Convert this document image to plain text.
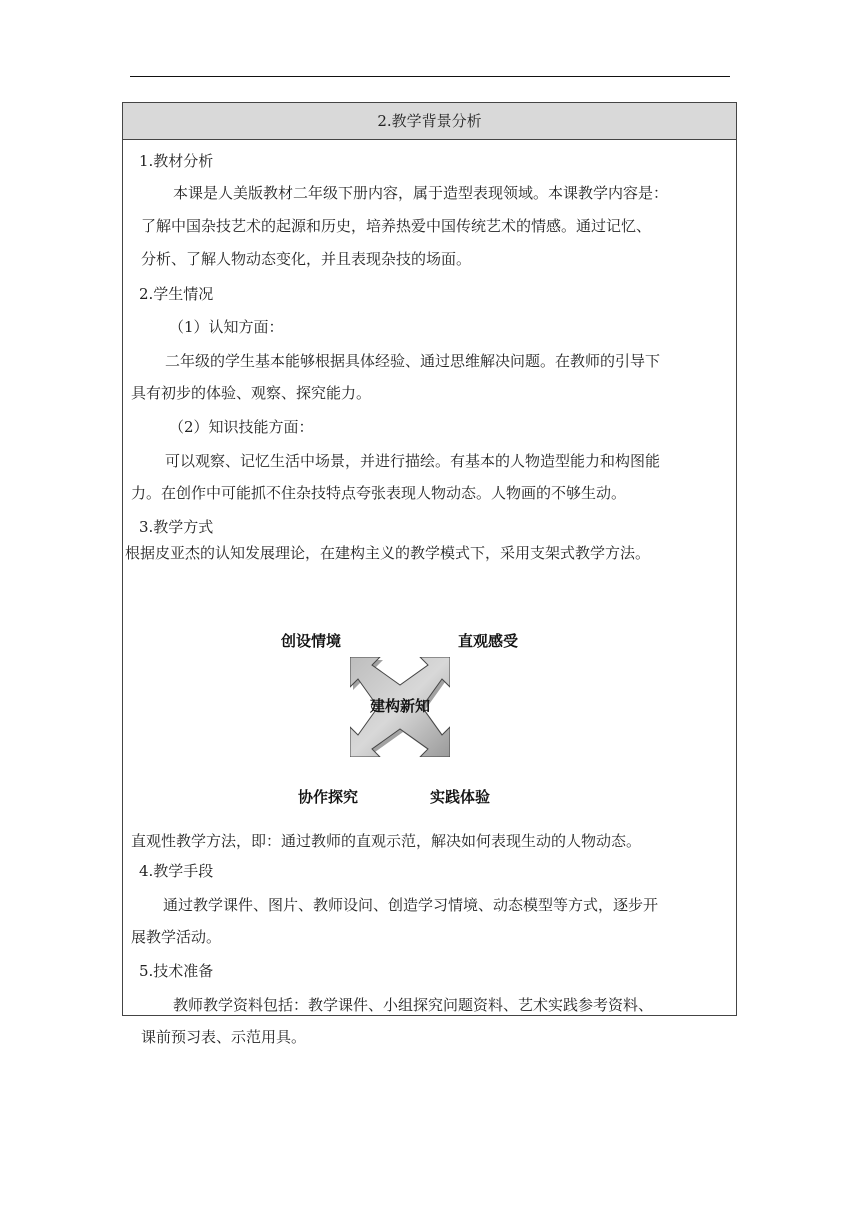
2.教学背景分析
1.教材分析
本课是人美版教材二年级下册内容，属于造型表现领域。本课教学内容是：
了解中国杂技艺术的起源和历史，培养热爱中国传统艺术的情感。通过记忆、
分析、了解人物动态变化，并且表现杂技的场面。
2.学生情况
（1）认知方面：
二年级的学生基本能够根据具体经验、通过思维解决问题。在教师的引导下
具有初步的体验、观察、探究能力。
（2）知识技能方面：
可以观察、记忆生活中场景，并进行描绘。有基本的人物造型能力和构图能
力。在创作中可能抓不住杂技特点夸张表现人物动态。人物画的不够生动。
3.教学方式
根据皮亚杰的认知发展理论，在建构主义的教学模式下，采用支架式教学方法。
创设情境	直观感受
建构新知
协作探究	实践体验
直观性教学方法，即：通过教师的直观示范，解决如何表现生动的人物动态。
4.教学手段
通过教学课件、图片、教师设问、创造学习情境、动态模型等方式，逐步开
展教学活动。
5.技术准备
教师教学资料包括：教学课件、小组探究问题资料、艺术实践参考资料、
课前预习表、示范用具。
